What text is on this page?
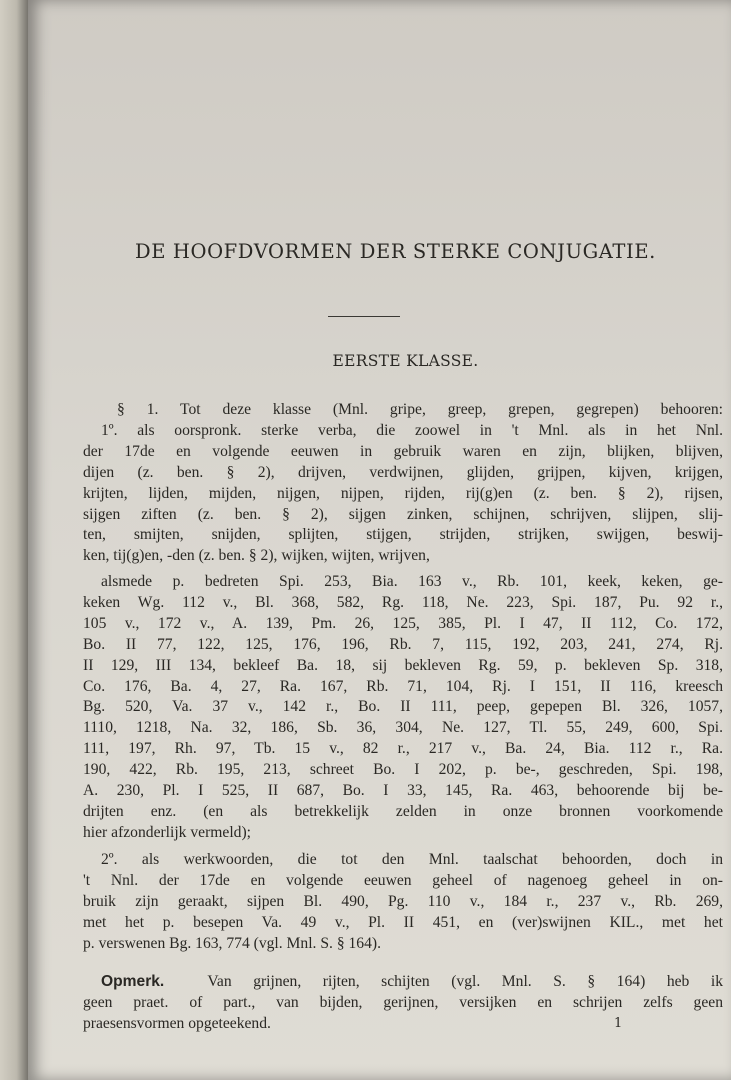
DE HOOFDVORMEN DER STERKE CONJUGATIE.
EERSTE KLASSE.
§ 1. Tot deze klasse (Mnl. gripe, greep, grepen, gegrepen) behooren:
1º. als oorspronk. sterke verba, die zoowel in 't Mnl. als in het Nnl.
der 17de en volgende eeuwen in gebruik waren en zijn, blijken, blijven,
dijen (z. ben. § 2), drijven, verdwijnen, glijden, grijpen, kijven, krijgen,
krijten, lijden, mijden, nijgen, nijpen, rijden, rij(g)en (z. ben. § 2), rijsen,
sijgen ziften (z. ben. § 2), sijgen zinken, schijnen, schrijven, slijpen, slij-
ten, smijten, snijden, splijten, stijgen, strijden, strijken, swijgen, beswij-
ken, tij(g)en, -den (z. ben. § 2), wijken, wijten, wrijven,
alsmede p. bedreten Spi. 253, Bia. 163 v., Rb. 101, keek, keken, ge-
keken Wg. 112 v., Bl. 368, 582, Rg. 118, Ne. 223, Spi. 187, Pu. 92 r.,
105 v., 172 v., A. 139, Pm. 26, 125, 385, Pl. I 47, II 112, Co. 172,
Bo. II 77, 122, 125, 176, 196, Rb. 7, 115, 192, 203, 241, 274, Rj.
II 129, III 134, bekleef Ba. 18, sij bekleven Rg. 59, p. bekleven Sp. 318,
Co. 176, Ba. 4, 27, Ra. 167, Rb. 71, 104, Rj. I 151, II 116, kreesch
Bg. 520, Va. 37 v., 142 r., Bo. II 111, peep, gepepen Bl. 326, 1057,
1110, 1218, Na. 32, 186, Sb. 36, 304, Ne. 127, Tl. 55, 249, 600, Spi.
111, 197, Rh. 97, Tb. 15 v., 82 r., 217 v., Ba. 24, Bia. 112 r., Ra.
190, 422, Rb. 195, 213, schreet Bo. I 202, p. be-, geschreden, Spi. 198,
A. 230, Pl. I 525, II 687, Bo. I 33, 145, Ra. 463, behoorende bij be-
drijten enz. (en als betrekkelijk zelden in onze bronnen voorkomende
hier afzonderlijk vermeld);
2º. als werkwoorden, die tot den Mnl. taalschat behoorden, doch in
't Nnl. der 17de en volgende eeuwen geheel of nagenoeg geheel in on-
bruik zijn geraakt, sijpen Bl. 490, Pg. 110 v., 184 r., 237 v., Rb. 269,
met het p. besepen Va. 49 v., Pl. II 451, en (ver)swijnen KIL., met het
p. verswenen Bg. 163, 774 (vgl. Mnl. S. § 164).
Opmerk.	Van grijnen, rijten, schijten (vgl. Mnl. S. § 164) heb ik
geen praet. of part., van bijden, gerijnen, versijken en schrijen zelfs geen
praesensvormen opgeteekend.	1
